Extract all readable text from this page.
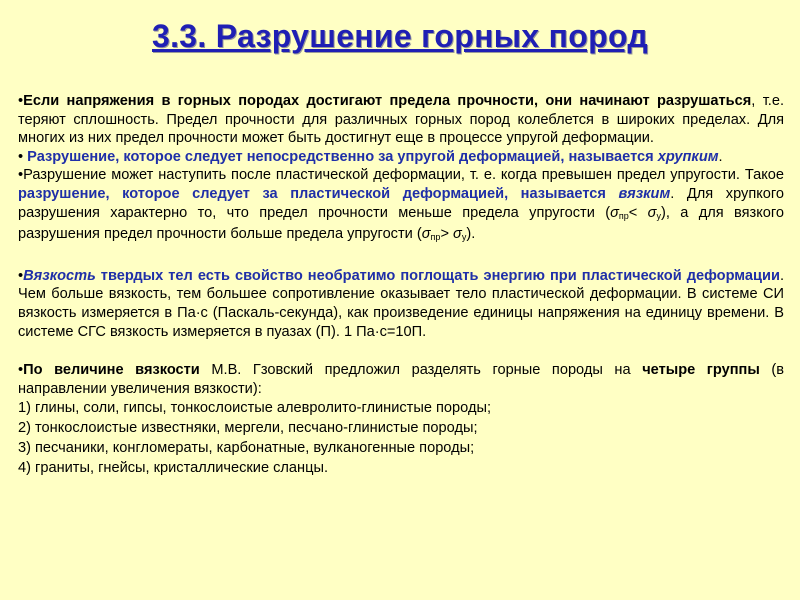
3.3. Разрушение горных пород

•Если напряжения в горных породах достигают предела прочности, они начинают разрушаться, т.е. теряют сплошность. Предел прочности для различных горных пород колеблется в широких пределах. Для многих из них предел прочности может быть достигнут еще в процессе упругой деформации.

• Разрушение, которое следует непосредственно за упругой деформацией, называется хрупким.

•Разрушение может наступить после пластической деформации, т. е. когда превышен предел упругости. Такое разрушение, которое следует за пластической деформацией, называется вязким. Для хрупкого разрушения характерно то, что предел прочности меньше предела упругости $(\sigma_{пр}< \sigma_у)$, а для вязкого разрушения предел прочности больше предела упругости $(\sigma_{пр}> \sigma_у)$.

•Вязкость твердых тел есть свойство необратимо поглощать энергию при пластической деформации. Чем больше вязкость, тем большее сопротивление оказывает тело пластической деформации. В системе СИ вязкость измеряется в Па·с (Паскаль-секунда), как произведение единицы напряжения на единицу времени. В системе СГС вязкость измеряется в пуазах (П). 1 Па·с=10П.

•По величине вязкости М.В. Гзовский предложил разделять горные породы на четыре группы (в направлении увеличения вязкости):

1) глины, соли, гипсы, тонкослоистые алевролито-глинистые породы;

2) тонкослоистые известняки, мергели, песчано-глинистые породы;

3) песчаники, конгломераты, карбонатные, вулканогенные породы;

4) граниты, гнейсы, кристаллические сланцы.
